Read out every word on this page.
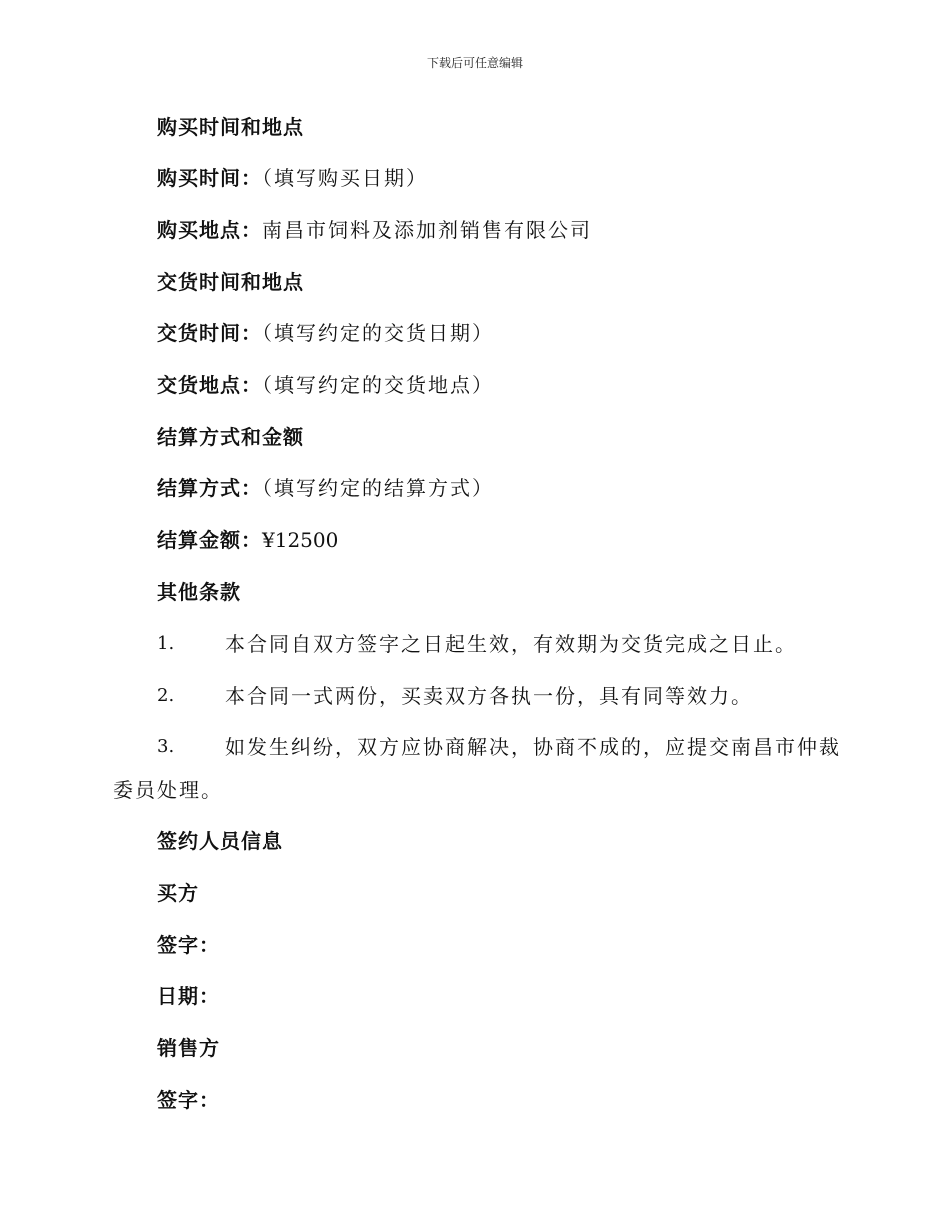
下载后可任意编辑
购买时间和地点
购买时间：（填写购买日期）
购买地点：南昌市饲料及添加剂销售有限公司
交货时间和地点
交货时间：（填写约定的交货日期）
交货地点：（填写约定的交货地点）
结算方式和金额
结算方式：（填写约定的结算方式）
结算金额：¥12500
其他条款
1.	本合同自双方签字之日起生效，有效期为交货完成之日止。
2.	本合同一式两份，买卖双方各执一份，具有同等效力。
3.	如发生纠纷，双方应协商解决，协商不成的，应提交南昌市仲裁
委员处理。
签约人员信息
买方
签字：
日期：
销售方
签字：
